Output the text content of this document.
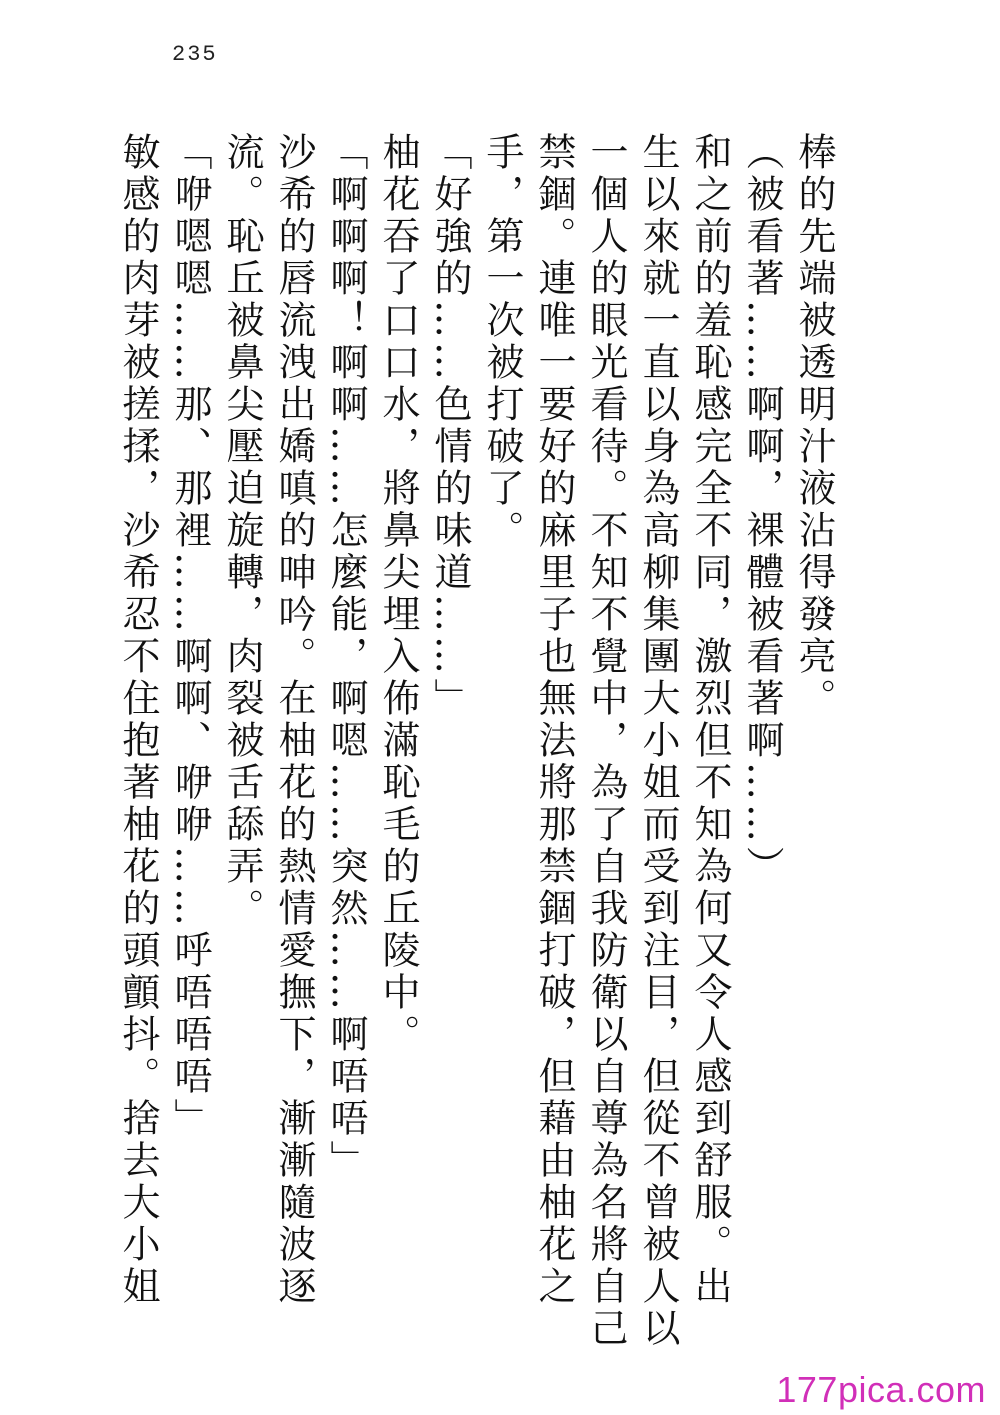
235

棒的先端被透明汁液沾得發亮。

（被看著……啊啊，裸體被看著啊……）

和之前的羞恥感完全不同，激烈但不知為何又令人感到舒服。出

生以來就一直以身為高柳集團大小姐而受到注目，但從不曾被人以

一個人的眼光看待。不知不覺中，為了自我防衛以自尊為名將自己

禁錮。連唯一要好的麻里子也無法將那禁錮打破，但藉由柚花之

手，第一次被打破了。

「好強的……色情的味道……」

柚花吞了口口水，將鼻尖埋入佈滿恥毛的丘陵中。

「啊啊啊！啊啊……怎麼能，啊嗯……突然……啊唔唔」

沙希的唇流洩出嬌嗔的呻吟。在柚花的熱情愛撫下，漸漸隨波逐

流。恥丘被鼻尖壓迫旋轉，肉裂被舌舔弄。

「咿嗯嗯……那、那裡……啊啊、咿咿……呼唔唔唔」

敏感的肉芽被搓揉，沙希忍不住抱著柚花的頭顫抖。捨去大小姐

177pica.com
